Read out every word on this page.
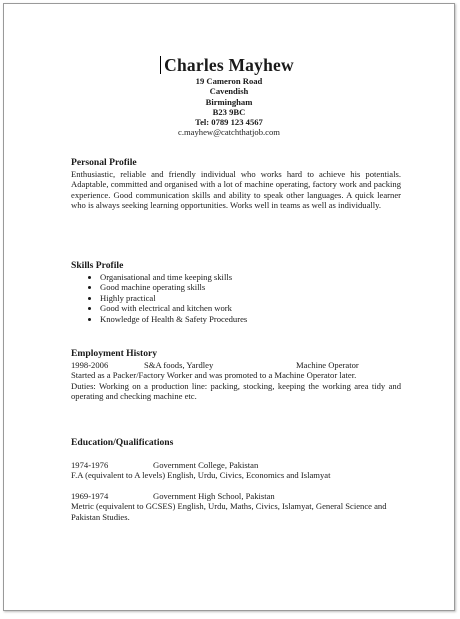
Charles Mayhew
19 Cameron Road
Cavendish
Birmingham
B23 9BC
Tel: 0789 123 4567
c.mayhew@catchthatjob.com
Personal Profile

Enthusiastic, reliable and friendly individual who works hard to achieve his potentials. Adaptable, committed and organised with a lot of machine operating, factory work and packing experience. Good communication skills and ability to speak other languages. A quick learner who is always seeking learning opportunities. Works well in teams as well as individually.

Skills Profile
• Organisational and time keeping skills
• Good machine operating skills
• Highly practical
• Good with electrical and kitchen work
• Knowledge of Health & Safety Procedures
Employment History
1998-2006	S&A foods, Yardley	Machine Operator

Started as a Packer/Factory Worker and was promoted to a Machine Operator later.

Duties: Working on a production line: packing, stocking, keeping the working area tidy and operating and checking machine etc.

Education/Qualifications
1974-1976	Government College, Pakistan

F.A (equivalent to A levels) English, Urdu, Civics, Economics and Islamyat

1969-1974	Government High School, Pakistan

Metric (equivalent to GCSES) English, Urdu, Maths, Civics, Islamyat, General Science and Pakistan Studies.
